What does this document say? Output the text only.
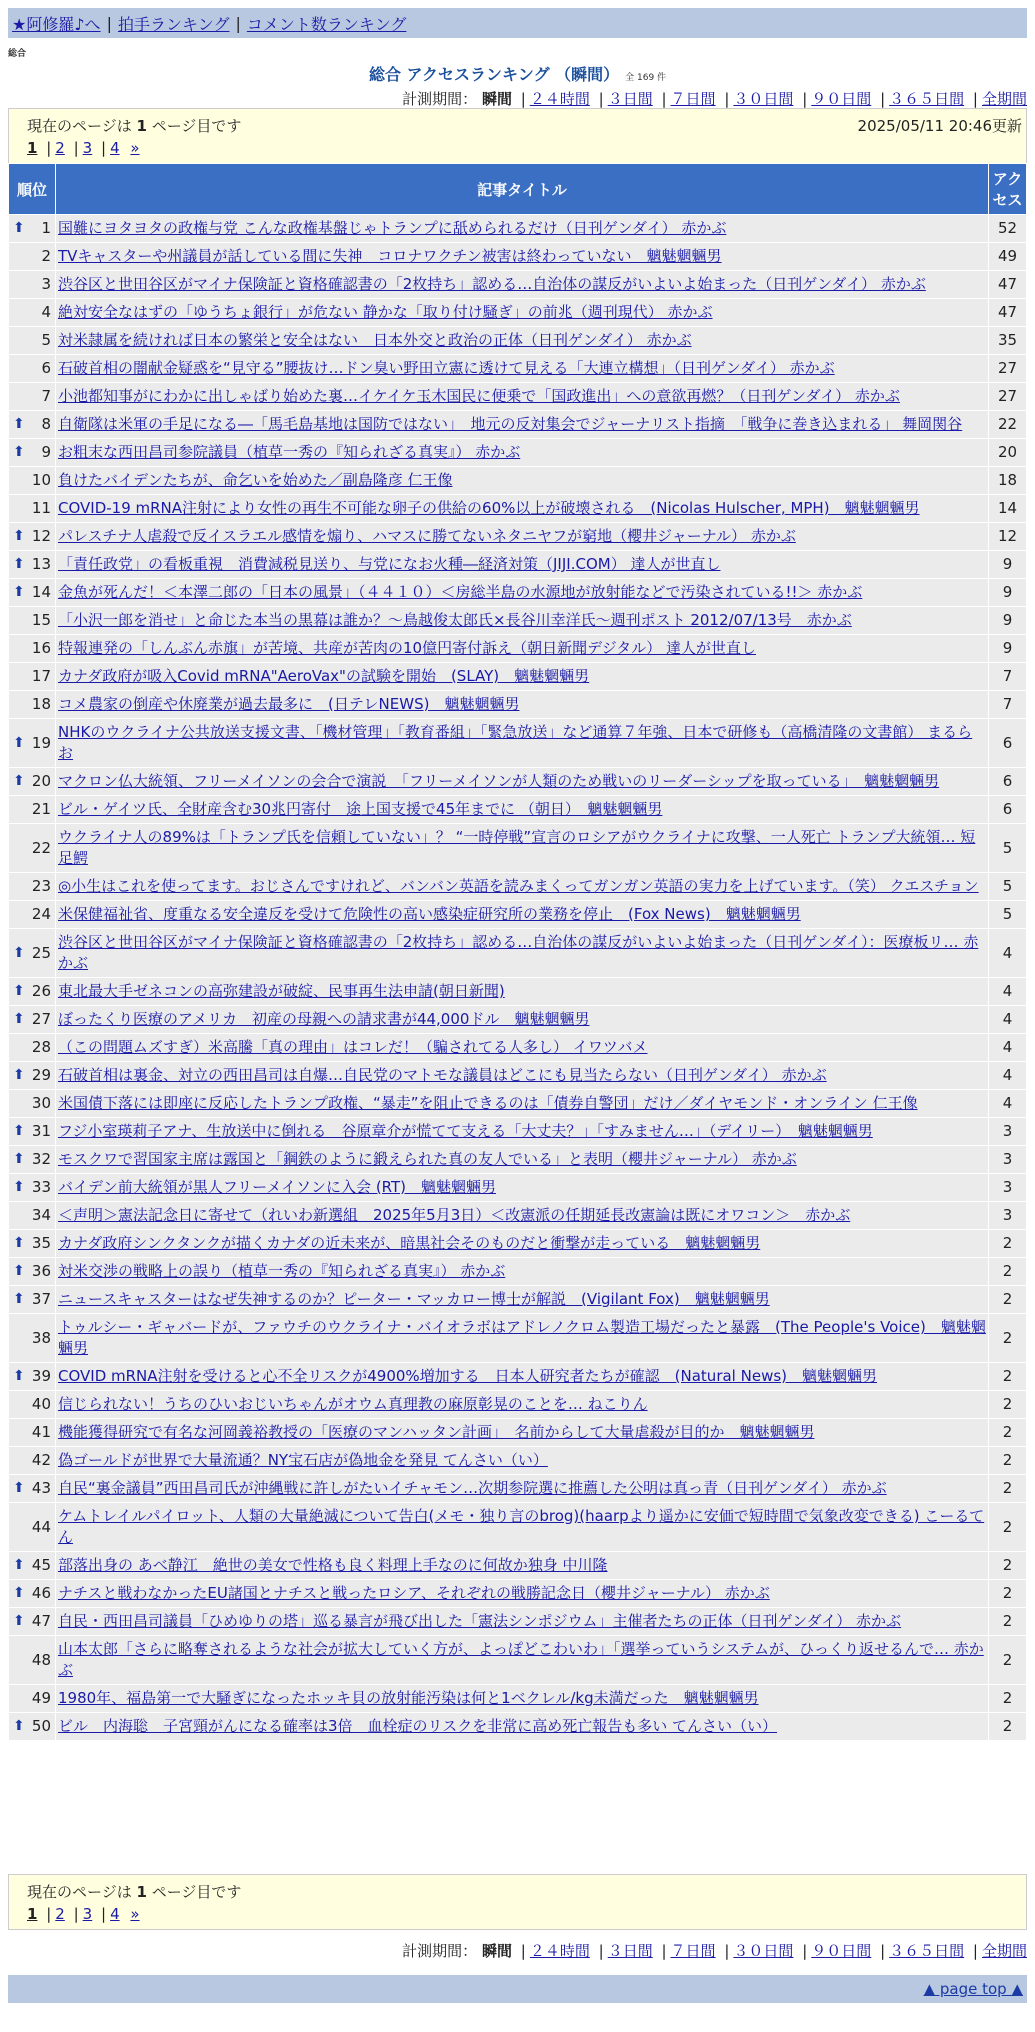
★阿修羅♪へ | 拍手ランキング | コメント数ランキング
総合
総合 アクセスランキング （瞬間） 全 169 件
計測期間： 瞬間 | ２４時間 | ３日間 | ７日間 | ３０日間 | ９０日間 | ３６５日間 | 全期間
現在のページは 1 ページ目です	2025/05/11 20:46更新
1 | 2 | 3 | 4 »
順位	記事タイトル	アクセス

⬆ 1	国難にヨタヨタの政権与党 こんな政権基盤じゃトランプに舐められるだけ（日刊ゲンダイ） 赤かぶ	52
2	TVキャスターや州議員が話している間に失神　コロナワクチン被害は終わっていない　魑魅魍魎男	49
3	渋谷区と世田谷区がマイナ保険証と資格確認書の「2枚持ち」認める…自治体の謀反がいよいよ始まった（日刊ゲンダイ） 赤かぶ	47
4	絶対安全なはずの「ゆうちょ銀行」が危ない 静かな「取り付け騒ぎ」の前兆（週刊現代） 赤かぶ	47
5	対米隷属を続ければ日本の繁栄と安全はない　日本外交と政治の正体（日刊ゲンダイ） 赤かぶ	35
6	石破首相の闇献金疑惑を“見守る”腰抜け…ドン臭い野田立憲に透けて見える「大連立構想」（日刊ゲンダイ） 赤かぶ	27
7	小池都知事がにわかに出しゃばり始めた裏…イケイケ玉木国民に便乗で「国政進出」への意欲再燃？（日刊ゲンダイ） 赤かぶ	27

⬆ 8	自衛隊は米軍の手足になる―「馬毛島基地は国防ではない」　地元の反対集会でジャーナリスト指摘　「戦争に巻き込まれる」 舞岡関谷	22

⬆ 9	お粗末な西田昌司参院議員（植草一秀の『知られざる真実』） 赤かぶ	20
10	負けたバイデンたちが、命乞いを始めた／副島隆彦 仁王像	18
11	COVID-19 mRNA注射により女性の再生不可能な卵子の供給の60%以上が破壊される　(Nicolas Hulscher, MPH)　魑魅魍魎男	14

⬆ 12	パレスチナ人虐殺で反イスラエル感情を煽り、ハマスに勝てないネタニヤフが窮地（櫻井ジャーナル） 赤かぶ	12

⬆ 13	「責任政党」の看板重視　消費減税見送り、与党になお火種―経済対策（JIJI.COM） 達人が世直し	9

⬆ 14	金魚が死んだ！＜本澤二郎の「日本の風景」（４４１０）＜房総半島の水源地が放射能などで汚染されている!!＞ 赤かぶ	9
15	「小沢一郎を消せ」と命じた本当の黒幕は誰か？～鳥越俊太郎氏×長谷川幸洋氏～週刊ポスト 2012/07/13号　赤かぶ	9
16	特報連発の「しんぶん赤旗」が苦境、共産が苦肉の10億円寄付訴え（朝日新聞デジタル） 達人が世直し	9
17	カナダ政府が吸入Covid mRNA"AeroVax"の試験を開始　(SLAY)　魑魅魍魎男	7
18	コメ農家の倒産や休廃業が過去最多に　(日テレNEWS)　魑魅魍魎男	7

⬆ 19	NHKのウクライナ公共放送支援文書、「機材管理」「教育番組」「緊急放送」など通算７年強、日本で研修も（高橋清隆の文書館） まるらお	6

⬆ 20	マクロン仏大統領、フリーメイソンの会合で演説　「フリーメイソンが人類のため戦いのリーダーシップを取っている」　魑魅魍魎男	6
21	ビル・ゲイツ氏、全財産含む30兆円寄付　途上国支援で45年までに （朝日）　魑魅魍魎男	6
22	ウクライナ人の89%は「トランプ氏を信頼していない」？ “一時停戦”宣言のロシアがウクライナに攻撃、一人死亡 トランプ大統領… 短足鰐	5
23	◎小生はこれを使ってます。おじさんですけれど、バンバン英語を読みまくってガンガン英語の実力を上げています。（笑） クエスチョン	5
24	米保健福祉省、度重なる安全違反を受けて危険性の高い感染症研究所の業務を停止　(Fox News)　魑魅魍魎男	5

⬆ 25	渋谷区と世田谷区がマイナ保険証と資格確認書の「2枚持ち」認める…自治体の謀反がいよいよ始まった（日刊ゲンダイ）：医療板リ… 赤かぶ	4

⬆ 26	東北最大手ゼネコンの高弥建設が破綻、民事再生法申請(朝日新聞)	4

⬆ 27	ぼったくり医療のアメリカ　初産の母親への請求書が44,000ドル　魑魅魍魎男	4
28	（この問題ムズすぎ）米高騰「真の理由」はコレだ！（騙されてる人多し） イワツバメ	4

⬆ 29	石破首相は裏金、対立の西田昌司は自爆…自民党のマトモな議員はどこにも見当たらない（日刊ゲンダイ） 赤かぶ	4
30	米国債下落には即座に反応したトランプ政権、“暴走”を阻止できるのは「債券自警団」だけ／ダイヤモンド・オンライン 仁王像	4

⬆ 31	フジ小室瑛莉子アナ、生放送中に倒れる　谷原章介が慌てて支える「大丈夫？」「すみません…」（デイリー）　魑魅魍魎男	3

⬆ 32	モスクワで習国家主席は露国と「鋼鉄のように鍛えられた真の友人でいる」と表明（櫻井ジャーナル） 赤かぶ	3

⬆ 33	バイデン前大統領が黒人フリーメイソンに入会 (RT)　魑魅魍魎男	3
34	＜声明＞憲法記念日に寄せて（れいわ新選組　2025年5月3日）＜改憲派の任期延長改憲論は既にオワコン＞　赤かぶ	3

⬆ 35	カナダ政府シンクタンクが描くカナダの近未来が、暗黒社会そのものだと衝撃が走っている　魑魅魍魎男	2

⬆ 36	対米交渉の戦略上の誤り（植草一秀の『知られざる真実』） 赤かぶ	2

⬆ 37	ニュースキャスターはなぜ失神するのか？ピーター・マッカロー博士が解説　(Vigilant Fox)　魑魅魍魎男	2
38	トゥルシー・ギャバードが、ファウチのウクライナ・バイオラボはアドレノクロム製造工場だったと暴露　(The People's Voice)　魑魅魍魎男	2

⬆ 39	COVID mRNA注射を受けると心不全リスクが4900%増加する　日本人研究者たちが確認　(Natural News)　魑魅魍魎男	2
40	信じられない！うちのひいおじいちゃんがオウム真理教の麻原彰晃のことを… ねこりん	2
41	機能獲得研究で有名な河岡義裕教授の「医療のマンハッタン計画」　名前からして大量虐殺が目的か　魑魅魍魎男	2
42	偽ゴールドが世界で大量流通？NY宝石店が偽地金を発見 てんさい（い）	2

⬆ 43	自民“裏金議員”西田昌司氏が沖縄戦に許しがたいイチャモン…次期参院選に推薦した公明は真っ青（日刊ゲンダイ） 赤かぶ	2
44	ケムトレイルパイロット、人類の大量絶滅について告白(メモ・独り言のbrog)(haarpより遥かに安価で短時間で気象改変できる) こーるてん	2

⬆ 45	部落出身の あべ静江　絶世の美女で性格も良く料理上手なのに何故か独身 中川隆	2

⬆ 46	ナチスと戦わなかったEU諸国とナチスと戦ったロシア、それぞれの戦勝記念日（櫻井ジャーナル） 赤かぶ	2

⬆ 47	自民・西田昌司議員「ひめゆりの塔」巡る暴言が飛び出した「憲法シンポジウム」主催者たちの正体（日刊ゲンダイ） 赤かぶ	2
48	山本太郎「さらに略奪されるような社会が拡大していく方が、よっぽどこわいわ」「選挙っていうシステムが、ひっくり返せるんで… 赤かぶ	2
49	1980年、福島第一で大騒ぎになったホッキ貝の放射能汚染は何と1ベクレル/kg未満だった　魑魅魍魎男	2

⬆ 50	ビル　内海聡　子宮頸がんになる確率は3倍　血栓症のリスクを非常に高め死亡報告も多い てんさい（い）	2
現在のページは 1 ページ目です
1 | 2 | 3 | 4 »
計測期間： 瞬間 | ２４時間 | ３日間 | ７日間 | ３０日間 | ９０日間 | ３６５日間 | 全期間
▲ page top ▲
